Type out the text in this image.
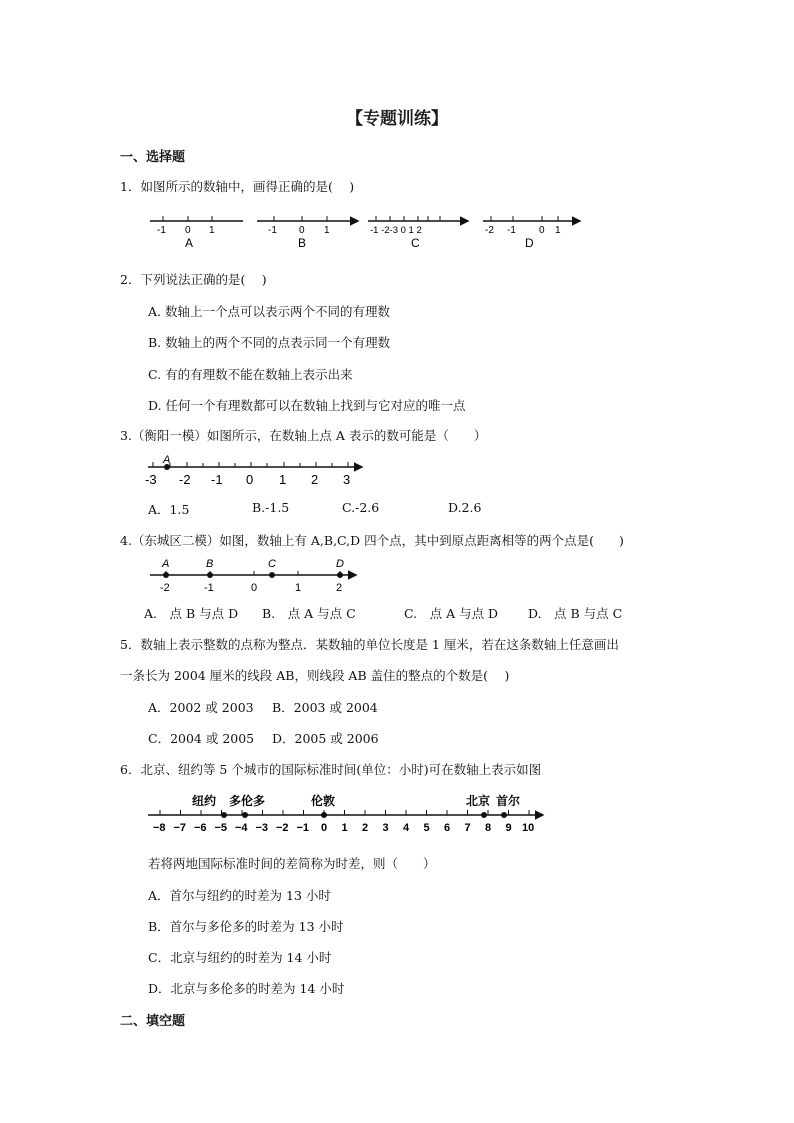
【专题训练】
一、选择题
1．如图所示的数轴中，画得正确的是(　 )
-1 0 1
A
-1 0 1
B
-1 -2-3 0 1 2
C
-2 -1 0 1
D
2．下列说法正确的是(　 )
A. 数轴上一个点可以表示两个不同的有理数
B. 数轴上的两个不同的点表示同一个有理数
C. 有的有理数不能在数轴上表示出来
D. 任何一个有理数都可以在数轴上找到与它对应的唯一点
3.（衡阳一模）如图所示，在数轴上点 A 表示的数可能是（　　）
A
-3 -2 -1 0 1 2 3
A．1.5	B.-1.5	C.-2.6	D.2.6
4.（东城区二模）如图，数轴上有 A,B,C,D 四个点，其中到原点距离相等的两个点是(　　)
A	B	C	D
-2	-1	0	1	2
A.　点 B 与点 D B.　点 A 与点 C	C.　点 A 与点 D D.　点 B 与点 C
5．数轴上表示整数的点称为整点．某数轴的单位长度是 1 厘米，若在这条数轴上任意画出
一条长为 2004 厘米的线段 AB，则线段 AB 盖住的整点的个数是(　 )
A．2002 或 2003 B．2003 或 2004
C．2004 或 2005 D．2005 或 2006
6．北京、纽约等 5 个城市的国际标准时间(单位：小时)可在数轴上表示如图
−8 −7 −6 −5 −4 −3 −2 −1 0 1 2 3 4 5 6 7 8 9 10
纽约 多伦多	伦敦	北京 首尔
若将两地国际标准时间的差简称为时差，则（　　）
A．首尔与纽约的时差为 13 小时
B．首尔与多伦多的时差为 13 小时
C．北京与纽约的时差为 14 小时
D．北京与多伦多的时差为 14 小时
二、填空题
